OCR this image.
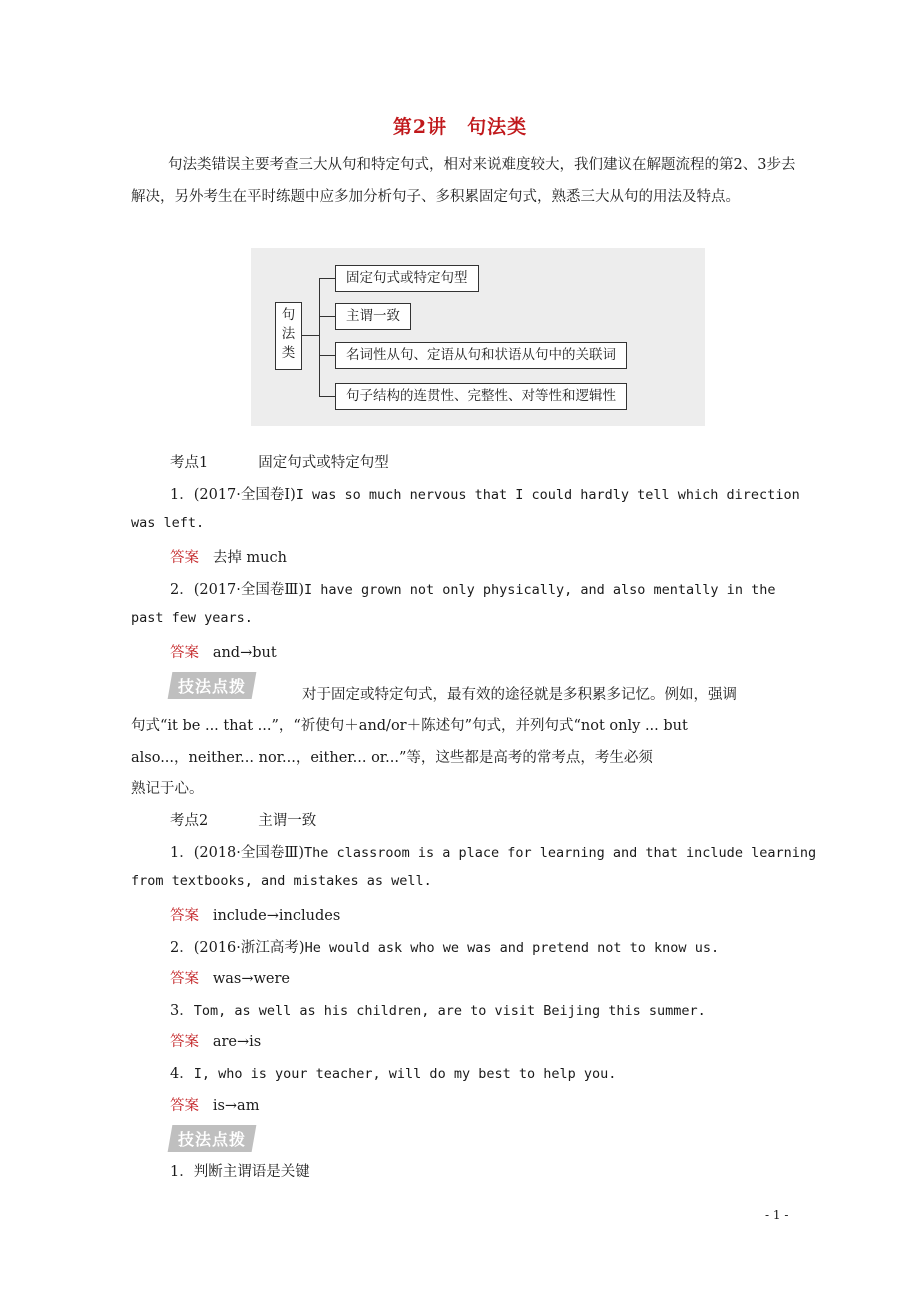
第2讲　句法类
句法类错误主要考查三大从句和特定句式，相对来说难度较大，我们建议在解题流程的第2、3步去解决，另外考生在平时练题中应多加分析句子、多积累固定句式，熟悉三大从句的用法及特点。
句
法
类
固定句式或特定句型
主谓一致
名词性从句、定语从句和状语从句中的关联词
句子结构的连贯性、完整性、对等性和逻辑性
考点1	固定句式或特定句型
1．(2017·全国卷Ⅰ)I was so much nervous that I could hardly tell which direction
was left.
答案 去掉 much
2．(2017·全国卷Ⅲ)I have grown not only physically, and also mentally in the
past few years.
答案 and→but
技法点拨	对于固定或特定句式，最有效的途径就是多积累多记忆。例如，强调
句式“it be ... that ...”，“祈使句＋and/or＋陈述句”句式，并列句式“not only ... but
also...，neither... nor...，either... or...”等，这些都是高考的常考点，考生必须
熟记于心。
考点2	主谓一致
1．(2018·全国卷Ⅲ)The classroom is a place for learning and that include learning
from textbooks, and mistakes as well.
答案 include→includes
2．(2016·浙江高考)He would ask who we was and pretend not to know us.
答案 was→were
3．Tom, as well as his children, are to visit Beijing this summer.
答案 are→is
4．I, who is your teacher, will do my best to help you.
答案 is→am
技法点拨
1．判断主谓语是关键
- 1 -
